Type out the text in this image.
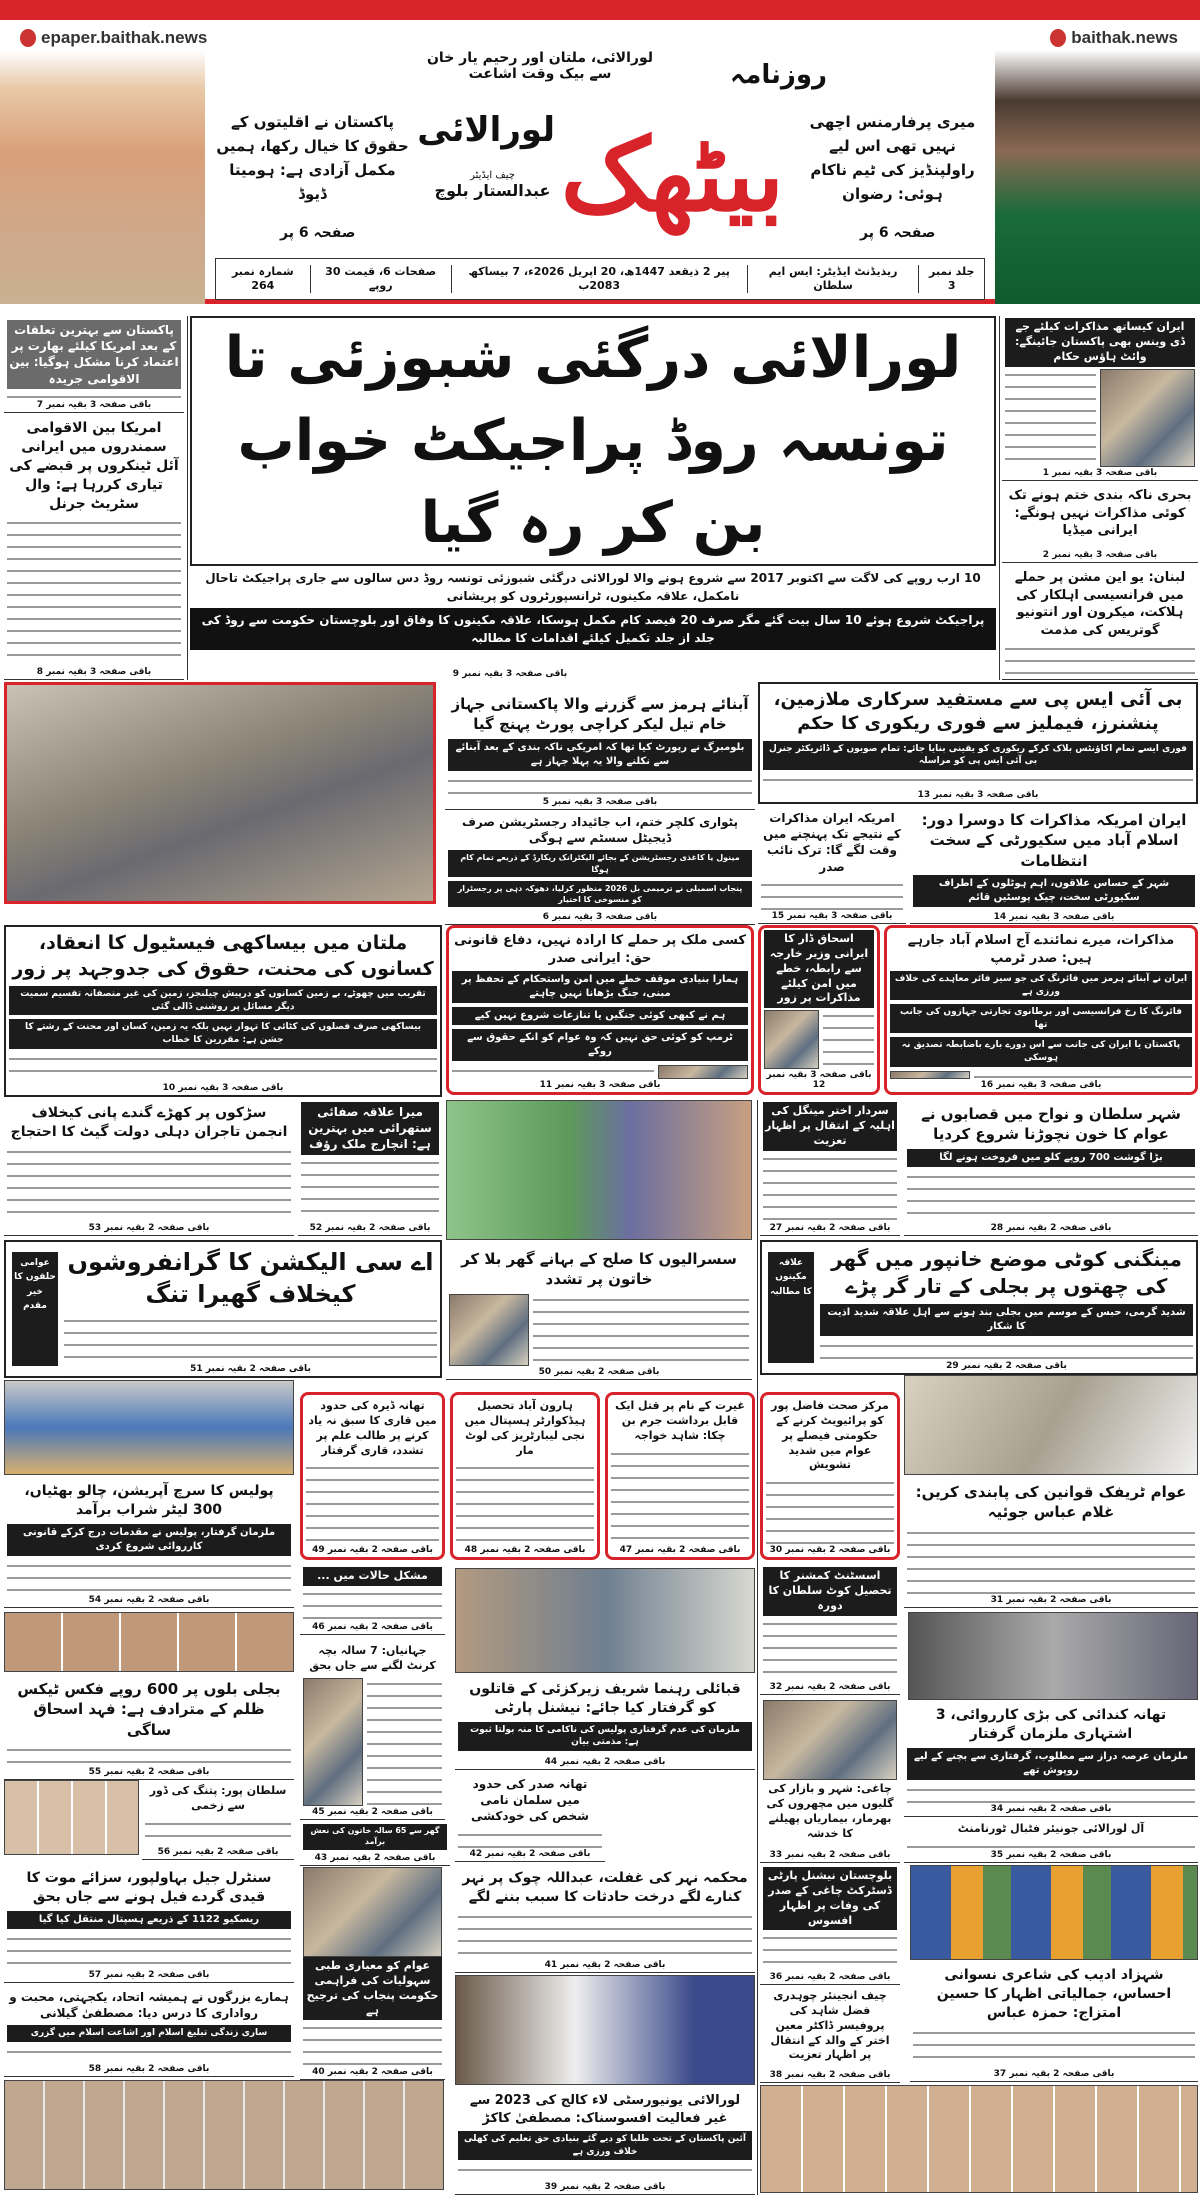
epaper.baithak.news	baithak.news
لورالائی، ملتان اور رحیم یار خان سے بیک وقت اشاعت	روزنامہ
بیٹھک
لورالائی
چیف ایڈیٹر
عبدالستار بلوچ
پاکستان نے اقلیتوں کے حقوق کا خیال رکھا، ہمیں مکمل آزادی ہے: ہومیتا ڈیوڈ
صفحہ 6 پر
میری پرفارمنس اچھی نہیں تھی اس لیے راولپنڈیز کی ٹیم ناکام ہوئی: رضوان
صفحہ 6 پر
جلد نمبر 3
ریذیڈنٹ ایڈیٹر: ایس ایم سلطان
پیر 2 ذیقعد 1447ھ، 20 اپریل 2026ء، 7 بیساکھ 2083ب
صفحات 6، قیمت 30 روپے
شمارہ نمبر 264
لورالائی درگئی شبوزئی تا تونسہ روڈ پراجیکٹ خواب بن کر رہ گیا
10 ارب روپے کی لاگت سے اکتوبر 2017 سے شروع ہونے والا لورالائی درگئی شبوزئی تونسہ روڈ دس سالوں سے جاری پراجیکٹ تاحال نامکمل، علاقہ مکینوں، ٹرانسپورٹروں کو پریشانی
پراجیکٹ شروع ہوئے 10 سال بیت گئے مگر صرف 20 فیصد کام مکمل ہوسکا، علاقہ مکینوں کا وفاق اور بلوچستان حکومت سے روڈ کی جلد از جلد تکمیل کیلئے اقدامات کا مطالبہ
باقی صفحہ 3 بقیہ نمبر 9
پاکستان سے بہترین تعلقات کے بعد امریکا کیلئے بھارت پر اعتماد کرنا مشکل ہوگیا: بین الاقوامی جریدہ
باقی صفحہ 3 بقیہ نمبر 7
امریکا بین الاقوامی سمندروں میں ایرانی آئل ٹینکروں پر قبضے کی تیاری کررہا ہے: وال سٹریٹ جرنل
باقی صفحہ 3 بقیہ نمبر 8
ایران کیساتھ مذاکرات کیلئے جے ڈی وینس بھی پاکستان جائینگے: وائٹ ہاؤس حکام
باقی صفحہ 3 بقیہ نمبر 1
بحری ناکہ بندی ختم ہونے تک کوئی مذاکرات نہیں ہونگے: ایرانی میڈیا
باقی صفحہ 3 بقیہ نمبر 2
لبنان: یو این مشن پر حملے میں فرانسیسی اہلکار کی ہلاکت، میکرون اور انتونیو گوتریس کی مذمت
آبنائے ہرمز سے گزرنے والا پاکستانی جہاز خام تیل لیکر کراچی پورٹ پہنچ گیا
بلومبرگ نے رپورٹ کیا تھا کہ امریکی ناکہ بندی کے بعد آبنائے سے نکلنے والا یہ پہلا جہاز ہے
باقی صفحہ 3 بقیہ نمبر 5
پٹواری کلچر ختم، اب جائیداد رجسٹریشن صرف ڈیجیٹل سسٹم سے ہوگی
مینول یا کاغذی رجسٹریشن کے بجائے الیکٹرانک ریکارڈ کے ذریعے تمام کام ہوگا
پنجاب اسمبلی نے ترمیمی بل 2026 منظور کرلیا، دھوکہ دہی پر رجسٹرار کو منسوخی کا اختیار
باقی صفحہ 3 بقیہ نمبر 6
بی آئی ایس پی سے مستفید سرکاری ملازمین، پنشنرز، فیملیز سے فوری ریکوری کا حکم
فوری ایسے تمام اکاؤنٹس بلاک کرکے ریکوری کو یقینی بنایا جائے: تمام صوبوں کے ڈائریکٹر جنرل بی آئی ایس پی کو مراسلہ
باقی صفحہ 3 بقیہ نمبر 13
امریکہ ایران مذاکرات کے نتیجے تک پہنچنے میں وقت لگے گا: ترک نائب صدر
باقی صفحہ 3 بقیہ نمبر 15
ایران امریکہ مذاکرات کا دوسرا دور: اسلام آباد میں سکیورٹی کے سخت انتظامات
شہر کے حساس علاقوں، اہم ہوٹلوں کے اطراف سکیورٹی سخت، چیک پوسٹیں قائم
باقی صفحہ 3 بقیہ نمبر 14
ملتان میں بیساکھی فیسٹیول کا انعقاد، کسانوں کی محنت، حقوق کی جدوجہد پر زور
تقریب میں چھوٹے، بے زمین کسانوں کو درپیش چیلنجز، زمین کی غیر منصفانہ تقسیم سمیت دیگر مسائل پر روشنی ڈالی گئی
بیساکھی صرف فصلوں کی کٹائی کا تہوار نہیں بلکہ یہ زمین، کسان اور محنت کے رشتے کا جشن ہے: مقررین کا خطاب
باقی صفحہ 3 بقیہ نمبر 10
کسی ملک پر حملے کا ارادہ نہیں، دفاع قانونی حق: ایرانی صدر
ہمارا بنیادی موقف خطے میں امن واستحکام کے تحفظ پر مبنی، جنگ بڑھانا نہیں چاہتے
ہم نے کبھی کوئی جنگیں یا تنازعات شروع نہیں کیے
ٹرمپ کو کوئی حق نہیں کہ وہ عوام کو انکے حقوق سے روکے
باقی صفحہ 3 بقیہ نمبر 11
اسحاق ڈار کا ایرانی وزیر خارجہ سے رابطہ، خطے میں امن کیلئے مذاکرات پر زور
باقی صفحہ 3 بقیہ نمبر 12
مذاکرات، میرے نمائندے آج اسلام آباد جارہے ہیں: صدر ٹرمپ
ایران نے آبنائے ہرمز میں فائرنگ کی جو سیز فائر معاہدے کی خلاف ورزی ہے
فائرنگ کا رخ فرانسیسی اور برطانوی تجارتی جہازوں کی جانب تھا
پاکستان یا ایران کی جانب سے اس دورے بارے باضابطہ تصدیق نہ ہوسکی
باقی صفحہ 3 بقیہ نمبر 16
سڑکوں پر کھڑے گندے پانی کیخلاف انجمن تاجران دہلی دولت گیٹ کا احتجاج
باقی صفحہ 2 بقیہ نمبر 53
میرا علاقہ صفائی ستھرائی میں بہترین ہے: انچارج ملک رؤف
باقی صفحہ 2 بقیہ نمبر 52
سردار اختر مینگل کی اہلیہ کے انتقال پر اظہار تعزیت
باقی صفحہ 2 بقیہ نمبر 27
شہر سلطان و نواح میں قصابوں نے عوام کا خون نچوڑنا شروع کردیا
بڑا گوشت 700 روپے کلو میں فروخت ہونے لگا
باقی صفحہ 2 بقیہ نمبر 28
عوامی حلقوں کا خیر مقدم
اے سی الیکشن کا گرانفروشوں کیخلاف گھیرا تنگ
باقی صفحہ 2 بقیہ نمبر 51
سسرالیوں کا صلح کے بہانے گھر بلا کر خاتون پر تشدد
باقی صفحہ 2 بقیہ نمبر 50
علاقہ مکینوں کا مطالبہ
مینگنی کوٹی موضع خانپور میں گھر کی چھتوں پر بجلی کے تار گر پڑے
شدید گرمی، حبس کے موسم میں بجلی بند ہونے سے اہل علاقہ شدید اذیت کا شکار
باقی صفحہ 2 بقیہ نمبر 29
تھانہ ڈیرہ کی حدود میں قاری کا سبق نہ یاد کرنے پر طالب علم پر تشدد، قاری گرفتار
باقی صفحہ 2 بقیہ نمبر 49
ہارون آباد تحصیل ہیڈکوارٹر ہسپتال میں نجی لیبارٹریز کی لوٹ مار
باقی صفحہ 2 بقیہ نمبر 48
غیرت کے نام پر قتل ایک قابل برداشت جرم بن چکا: شاہد خواجہ
باقی صفحہ 2 بقیہ نمبر 47
مرکز صحت فاضل پور کو پرائیویٹ کرنے کے حکومتی فیصلے پر عوام میں شدید تشویش
باقی صفحہ 2 بقیہ نمبر 30
پولیس کا سرچ آپریشن، چالو بھٹیاں، 300 لیٹر شراب برآمد
ملزمان گرفتار، پولیس نے مقدمات درج کرکے قانونی کارروائی شروع کردی
باقی صفحہ 2 بقیہ نمبر 54
عوام ٹریفک قوانین کی پابندی کریں: غلام عباس جوئیہ
باقی صفحہ 2 بقیہ نمبر 31
مشکل حالات میں ...
باقی صفحہ 2 بقیہ نمبر 46
اسسٹنٹ کمشنر کا تحصیل کوٹ سلطان کا دورہ
باقی صفحہ 2 بقیہ نمبر 32
بجلی بلوں پر 600 روپے فکس ٹیکس ظلم کے مترادف ہے: فہد اسحاق ساگی
باقی صفحہ 2 بقیہ نمبر 55
جہانیاں: 7 سالہ بچہ کرنٹ لگنے سے جاں بحق
باقی صفحہ 2 بقیہ نمبر 45
قبائلی رہنما شریف زیرکزئی کے قاتلوں کو گرفتار کیا جائے: نیشنل پارٹی
ملزمان کی عدم گرفتاری پولیس کی ناکامی کا منہ بولتا ثبوت ہے: مذمتی بیان
باقی صفحہ 2 بقیہ نمبر 44
تھانہ صدر کی حدود میں سلمان نامی شخص کی خودکشی
باقی صفحہ 2 بقیہ نمبر 42
چاغی: شہر و بازار کی گلیوں میں مچھروں کی بھرمار، بیماریاں پھیلنے کا خدشہ
باقی صفحہ 2 بقیہ نمبر 33
تھانہ کندائی کی بڑی کارروائی، 3 اشتہاری ملزمان گرفتار
ملزمان عرصہ دراز سے مطلوب، گرفتاری سے بچنے کے لیے روپوش تھے
باقی صفحہ 2 بقیہ نمبر 34
آل لورالائی جونیئر فٹبال ٹورنامنٹ
باقی صفحہ 2 بقیہ نمبر 35
سلطان پور: پتنگ کی ڈور سے زخمی
باقی صفحہ 2 بقیہ نمبر 56
گھر سے 65 سالہ خاتون کی نعش برآمد
باقی صفحہ 2 بقیہ نمبر 43
سنٹرل جیل بہاولپور، سزائے موت کا قیدی گردے فیل ہونے سے جاں بحق
ریسکیو 1122 کے ذریعے ہسپتال منتقل کیا گیا
باقی صفحہ 2 بقیہ نمبر 57
ہمارے بزرگوں نے ہمیشہ اتحاد، یکجہتی، محبت و رواداری کا درس دیا: مصطفیٰ گیلانی
ساری زندگی تبلیغ اسلام اور اشاعت اسلام میں گزری
باقی صفحہ 2 بقیہ نمبر 58
عوام کو معیاری طبی سہولیات کی فراہمی حکومت پنجاب کی ترجیح ہے
باقی صفحہ 2 بقیہ نمبر 40
محکمہ نہر کی غفلت، عبداللہ چوک پر نہر کنارے لگے درخت حادثات کا سبب بننے لگے
باقی صفحہ 2 بقیہ نمبر 41
لورالائی یونیورسٹی لاء کالج کی 2023 سے غیر فعالیت افسوسناک: مصطفیٰ کاکڑ
آئین پاکستان کے تحت طلبا کو دیے گئے بنیادی حق تعلیم کی کھلی خلاف ورزی ہے
باقی صفحہ 2 بقیہ نمبر 39
بلوچستان نیشنل پارٹی ڈسٹرکٹ چاغی کے صدر کی وفات پر اظہار افسوس
باقی صفحہ 2 بقیہ نمبر 36
چیف انجینئر چوہدری فضل شاہد کی پروفیسر ڈاکٹر معین اختر کے والد کے انتقال پر اظہار تعزیت
باقی صفحہ 2 بقیہ نمبر 38
شہزاد ادیب کی شاعری نسوانی احساس، جمالیاتی اظہار کا حسین امتزاج: حمزہ عباس
باقی صفحہ 2 بقیہ نمبر 37
